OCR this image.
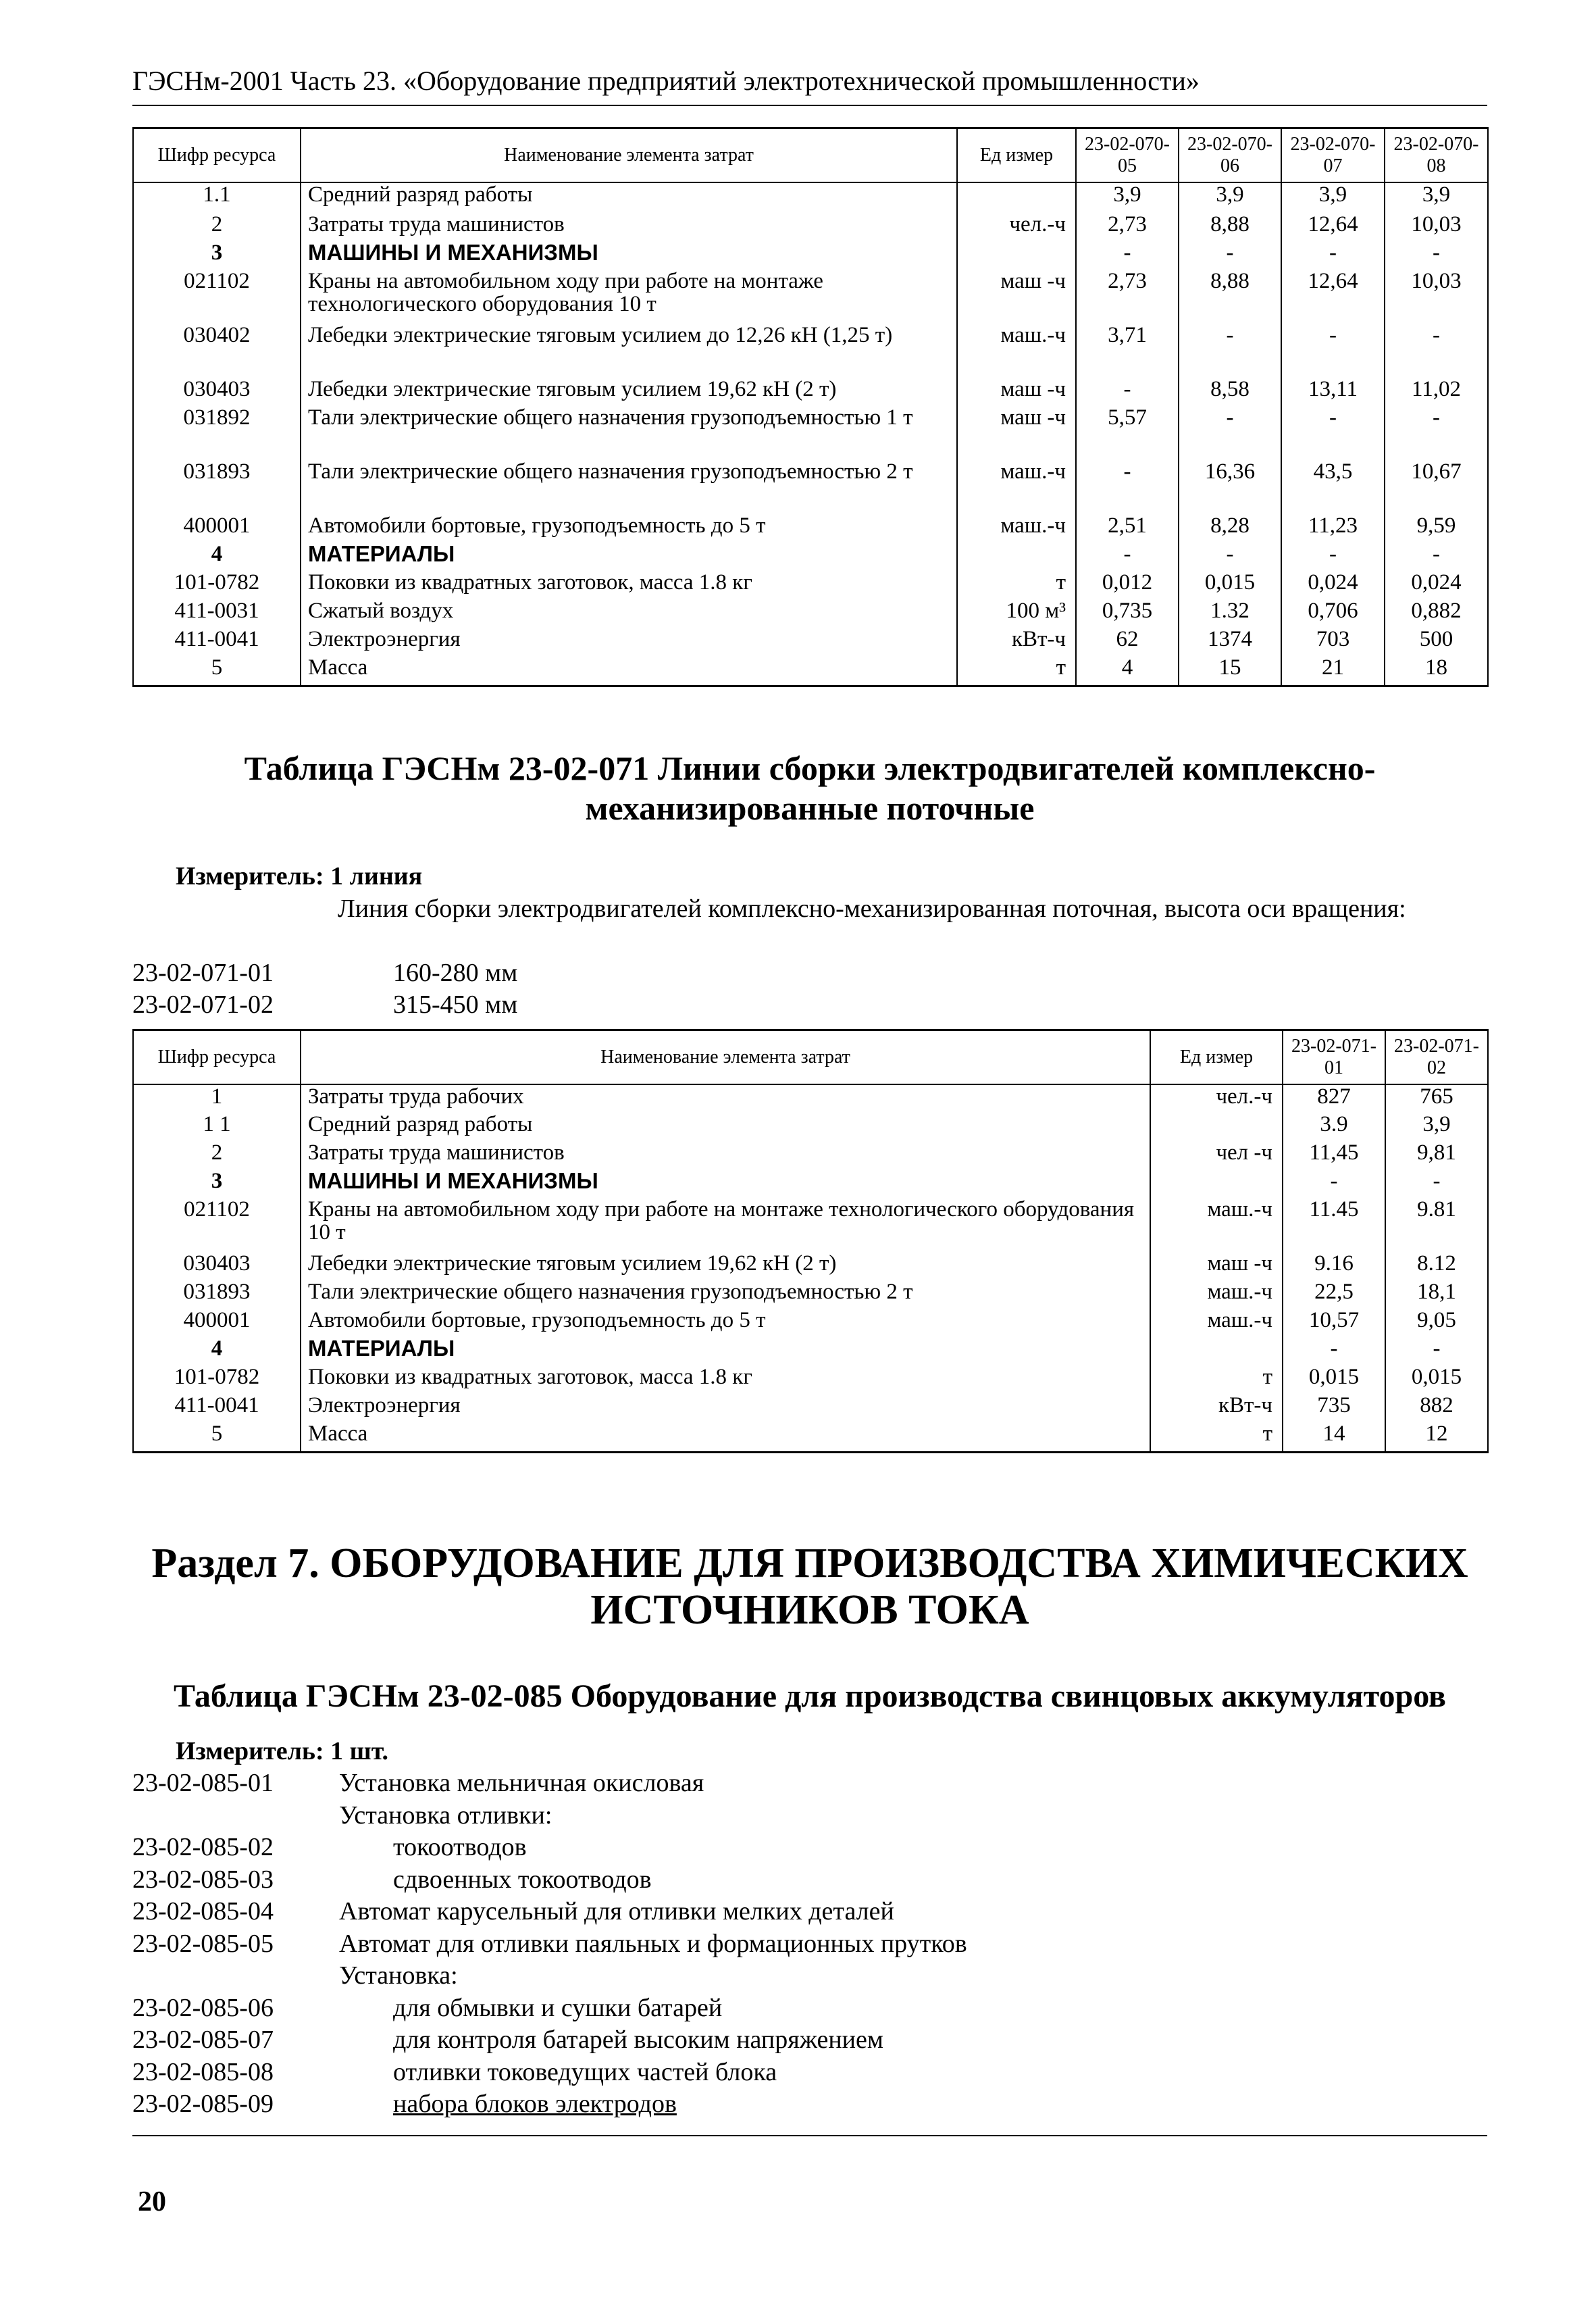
ГЭСНм-2001 Часть 23. «Оборудование предприятий электротехнической промышленности»
Шифр ресурса	Наименование элемента затрат	Ед измер	23-02-070-05	23-02-070-06	23-02-070-07	23-02-070-08
1.1	Средний разряд работы		3,9	3,9	3,9	3,9
2	Затраты труда машинистов	чел.-ч	2,73	8,88	12,64	10,03
3	МАШИНЫ И МЕХАНИЗМЫ		-	-	-	-
021102	Краны на автомобильном ходу при работе на монтаже технологического оборудования 10 т	маш -ч	2,73	8,88	12,64	10,03
030402	Лебедки электрические тяговым усилием до 12,26 кН (1,25 т)	маш.-ч	3,71	-	-	-
030403	Лебедки электрические тяговым усилием 19,62 кН (2 т)	маш -ч	-	8,58	13,11	11,02
031892	Тали электрические общего назначения грузоподъемностью 1 т	маш -ч	5,57	-	-	-
031893	Тали электрические общего назначения грузоподъемностью 2 т	маш.-ч	-	16,36	43,5	10,67
400001	Автомобили бортовые, грузоподъемность до 5 т	маш.-ч	2,51	8,28	11,23	9,59
4	МАТЕРИАЛЫ		-	-	-	-
101-0782	Поковки из квадратных заготовок, масса 1.8 кг	т	0,012	0,015	0,024	0,024
411-0031	Сжатый воздух	100 м³	0,735	1.32	0,706	0,882
411-0041	Электроэнергия	кВт-ч	62	1374	703	500
5	Масса	т	4	15	21	18
Таблица ГЭСНм 23-02-071 Линии сборки электродвигателей комплексно-механизированные поточные
Измеритель: 1 линия
Линия сборки электродвигателей комплексно-механизированная поточная, высота оси вращения:
23-02-071-01	160-280 мм
23-02-071-02	315-450 мм
Шифр ресурса	Наименование элемента затрат	Ед измер	23-02-071-01	23-02-071-02
1	Затраты труда рабочих	чел.-ч	827	765
1 1	Средний разряд работы		3.9	3,9
2	Затраты труда машинистов	чел -ч	11,45	9,81
3	МАШИНЫ И МЕХАНИЗМЫ		-	-
021102	Краны на автомобильном ходу при работе на монтаже технологического оборудования 10 т	маш.-ч	11.45	9.81
030403	Лебедки электрические тяговым усилием 19,62 кН (2 т)	маш -ч	9.16	8.12
031893	Тали электрические общего назначения грузоподъемностью 2 т	маш.-ч	22,5	18,1
400001	Автомобили бортовые, грузоподъемность до 5 т	маш.-ч	10,57	9,05
4	МАТЕРИАЛЫ		-	-
101-0782	Поковки из квадратных заготовок, масса 1.8 кг	т	0,015	0,015
411-0041	Электроэнергия	кВт-ч	735	882
5	Масса	т	14	12
Раздел 7. ОБОРУДОВАНИЕ ДЛЯ ПРОИЗВОДСТВА ХИМИЧЕСКИХ ИСТОЧНИКОВ ТОКА
Таблица ГЭСНм 23-02-085 Оборудование для производства свинцовых аккумуляторов
Измеритель: 1 шт.
23-02-085-01	Установка мельничная окисловая
Установка отливки:
23-02-085-02	токоотводов
23-02-085-03	сдвоенных токоотводов
23-02-085-04	Автомат карусельный для отливки мелких деталей
23-02-085-05	Автомат для отливки паяльных и формационных прутков
Установка:
23-02-085-06	для обмывки и сушки батарей
23-02-085-07	для контроля батарей высоким напряжением
23-02-085-08	отливки токоведущих частей блока
23-02-085-09	набора блоков электродов
20
